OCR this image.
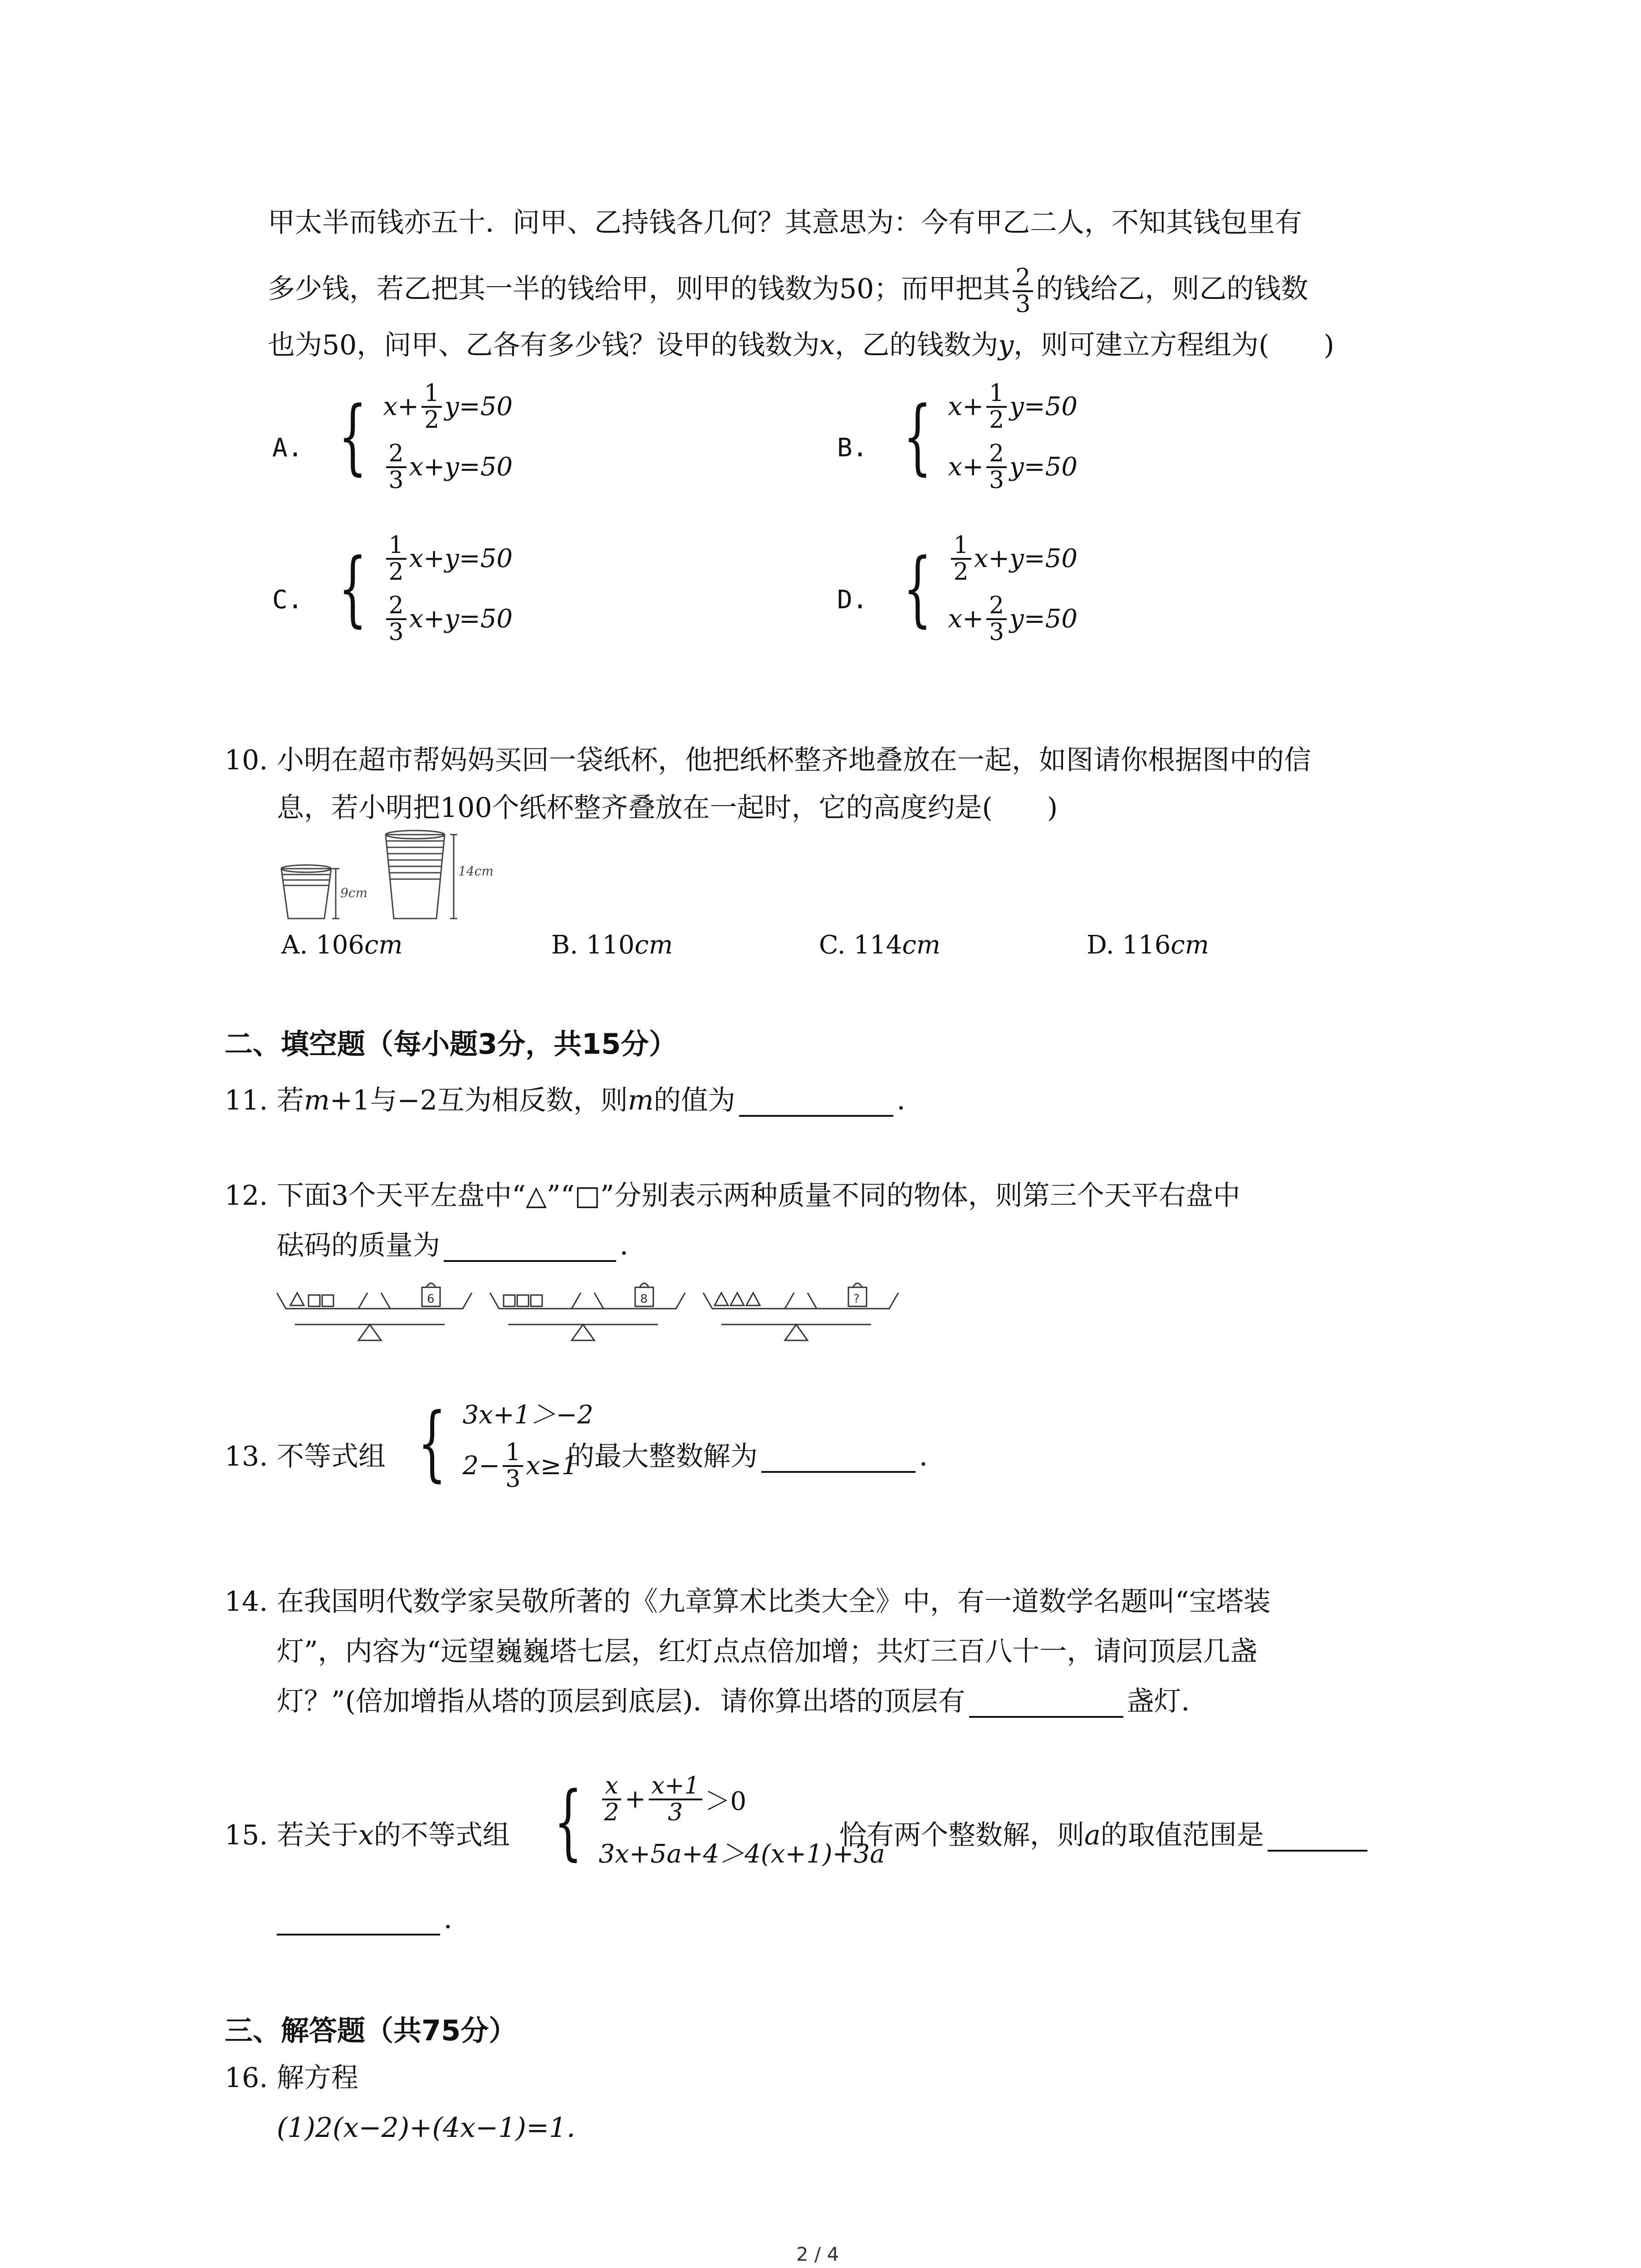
甲太半而钱亦五十．问甲、乙持钱各几何？其意思为：今有甲乙二人，不知其钱包里有
多少钱，若乙把其一半的钱给甲，则甲的钱数为50；而甲把其 $\frac{2}{3}$ 的钱给乙，则乙的钱数
也为50，问甲、乙各有多少钱？设甲的钱数为x，乙的钱数为y，则可建立方程组为(　　)
A. { $x+ \frac{1}{2} y=50$
$\frac{2}{3} x+y=50$
B. { $x+ \frac{1}{2} y=50$
$x+ \frac{2}{3} y=50$
C. { $\frac{1}{2} x+y=50$
$\frac{2}{3} x+y=50$
D. { $\frac{1}{2} x+y=50$
$x+ \frac{2}{3} y=50$
10. 小明在超市帮妈妈买回一袋纸杯，他把纸杯整齐地叠放在一起，如图请你根据图中的信
息，若小明把100个纸杯整齐叠放在一起时，它的高度约是(　　)
9cm
14cm
A. 106cm	B. 110cm	C. 114cm	D. 116cm
二、填空题（每小题3分，共15分）
11. 若m+1与−2互为相反数，则m的值为	．
12. 下面3个天平左盘中“△”“□”分别表示两种质量不同的物体，则第三个天平右盘中
砝码的质量为	．
6	8	?
13. 不等式组 { 3x+1＞−2
$2- \frac{1}{3} x\ge 1$
的最大整数解为	．
14. 在我国明代数学家吴敬所著的《九章算术比类大全》中，有一道数学名题叫“宝塔装
灯”，内容为“远望巍巍塔七层，红灯点点倍加增；共灯三百八十一，请问顶层几盏
灯？”(倍加增指从塔的顶层到底层)．请你算出塔的顶层有	盏灯．
15. 若关于x的不等式组 { $\frac{x}{2} + \frac{x+1}{3} >0$
3x+5a+4＞4(x+1)+3a
恰有两个整数解，则a的取值范围是
．
三、解答题（共75分）
16. 解方程
(1)2(x−2)+(4x−1)=1．
2 / 4
